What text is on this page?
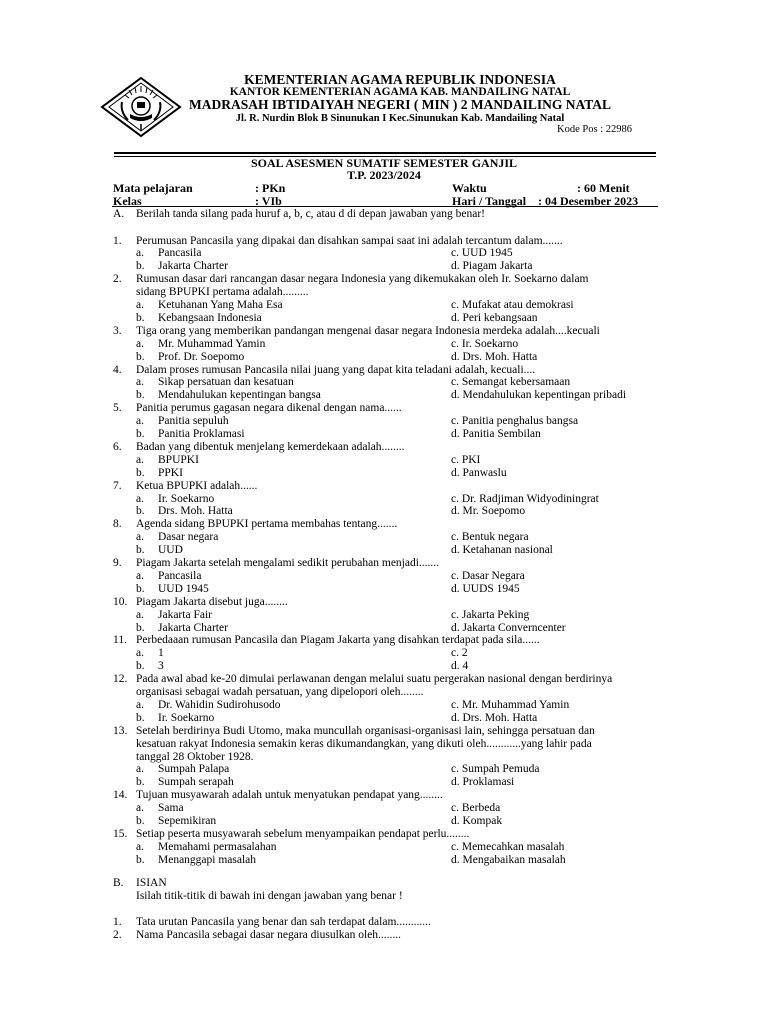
KEMENTERIAN AGAMA REPUBLIK INDONESIA
KANTOR KEMENTERIAN AGAMA KAB. MANDAILING NATAL
MADRASAH IBTIDAIYAH NEGERI ( MIN ) 2 MANDAILING NATAL
Jl. R. Nurdin Blok B Sinunukan I Kec.Sinunukan Kab. Mandailing Natal
Kode Pos : 22986
SOAL ASESMEN SUMATIF SEMESTER GANJIL
T.P. 2023/2024
Mata pelajaran	: PKn
Kelas	: VIb
Waktu	: 60 Menit
Hari / Tanggal : 04 Desember 2023
A. Berilah tanda silang pada huruf a, b, c, atau d di depan jawaban yang benar!
1. Perumusan Pancasila yang dipakai dan disahkan sampai saat ini adalah tercantum dalam.......
a. Pancasila	c. UUD 1945
b. Jakarta Charter	d. Piagam Jakarta
2. Rumusan dasar dari rancangan dasar negara Indonesia yang dikemukakan oleh Ir. Soekarno dalam
sidang BPUPKI pertama adalah.........
a. Ketuhanan Yang Maha Esa	c. Mufakat atau demokrasi
b. Kebangsaan Indonesia	d. Peri kebangsaan
3. Tiga orang yang memberikan pandangan mengenai dasar negara Indonesia merdeka adalah....kecuali
a. Mr. Muhammad Yamin	c. Ir. Soekarno
b. Prof. Dr. Soepomo	d. Drs. Moh. Hatta
4. Dalam proses rumusan Pancasila nilai juang yang dapat kita teladani adalah, kecuali....
a. Sikap persatuan dan kesatuan	c. Semangat kebersamaan
b. Mendahulukan kepentingan bangsa	d. Mendahulukan kepentingan pribadi
5. Panitia perumus gagasan negara dikenal dengan nama......
a. Panitia sepuluh	c. Panitia penghalus bangsa
b. Panitia Proklamasi	d. Panitia Sembilan
6. Badan yang dibentuk menjelang kemerdekaan adalah........
a. BPUPKI	c. PKI
b. PPKI	d. Panwaslu
7. Ketua BPUPKI adalah......
a. Ir. Soekarno	c. Dr. Radjiman Widyodiningrat
b. Drs. Moh. Hatta	d. Mr. Soepomo
8. Agenda sidang BPUPKI pertama membahas tentang.......
a. Dasar negara	c. Bentuk negara
b. UUD	d. Ketahanan nasional
9. Piagam Jakarta setelah mengalami sedikit perubahan menjadi.......
a. Pancasila	c. Dasar Negara
b. UUD 1945	d. UUDS 1945
10. Piagam Jakarta disebut juga........
a. Jakarta Fair	c. Jakarta Peking
b. Jakarta Charter	d. Jakarta Converncenter
11. Perbedaaan rumusan Pancasila dan Piagam Jakarta yang disahkan terdapat pada sila......
a. 1	c. 2
b. 3	d. 4
12. Pada awal abad ke-20 dimulai perlawanan dengan melalui suatu pergerakan nasional dengan berdirinya
organisasi sebagai wadah persatuan, yang dipelopori oleh........
a. Dr. Wahidin Sudirohusodo	c. Mr. Muhammad Yamin
b. Ir. Soekarno	d. Drs. Moh. Hatta
13. Setelah berdirinya Budi Utomo, maka muncullah organisasi-organisasi lain, sehingga persatuan dan
kesatuan rakyat Indonesia semakin keras dikumandangkan, yang dikuti oleh............yang lahir pada
tanggal 28 Oktober 1928.
a. Sumpah Palapa	c. Sumpah Pemuda
b. Sumpah serapah	d. Proklamasi
14. Tujuan musyawarah adalah untuk menyatukan pendapat yang........
a. Sama	c. Berbeda
b. Sepemikiran	d. Kompak
15. Setiap peserta musyawarah sebelum menyampaikan pendapat perlu........
a. Memahami permasalahan	c. Memecahkan masalah
b. Menanggapi masalah	d. Mengabaikan masalah
B. ISIAN
Isilah titik-titik di bawah ini dengan jawaban yang benar !
1. Tata urutan Pancasila yang benar dan sah terdapat dalam............
2. Nama Pancasila sebagai dasar negara diusulkan oleh........
